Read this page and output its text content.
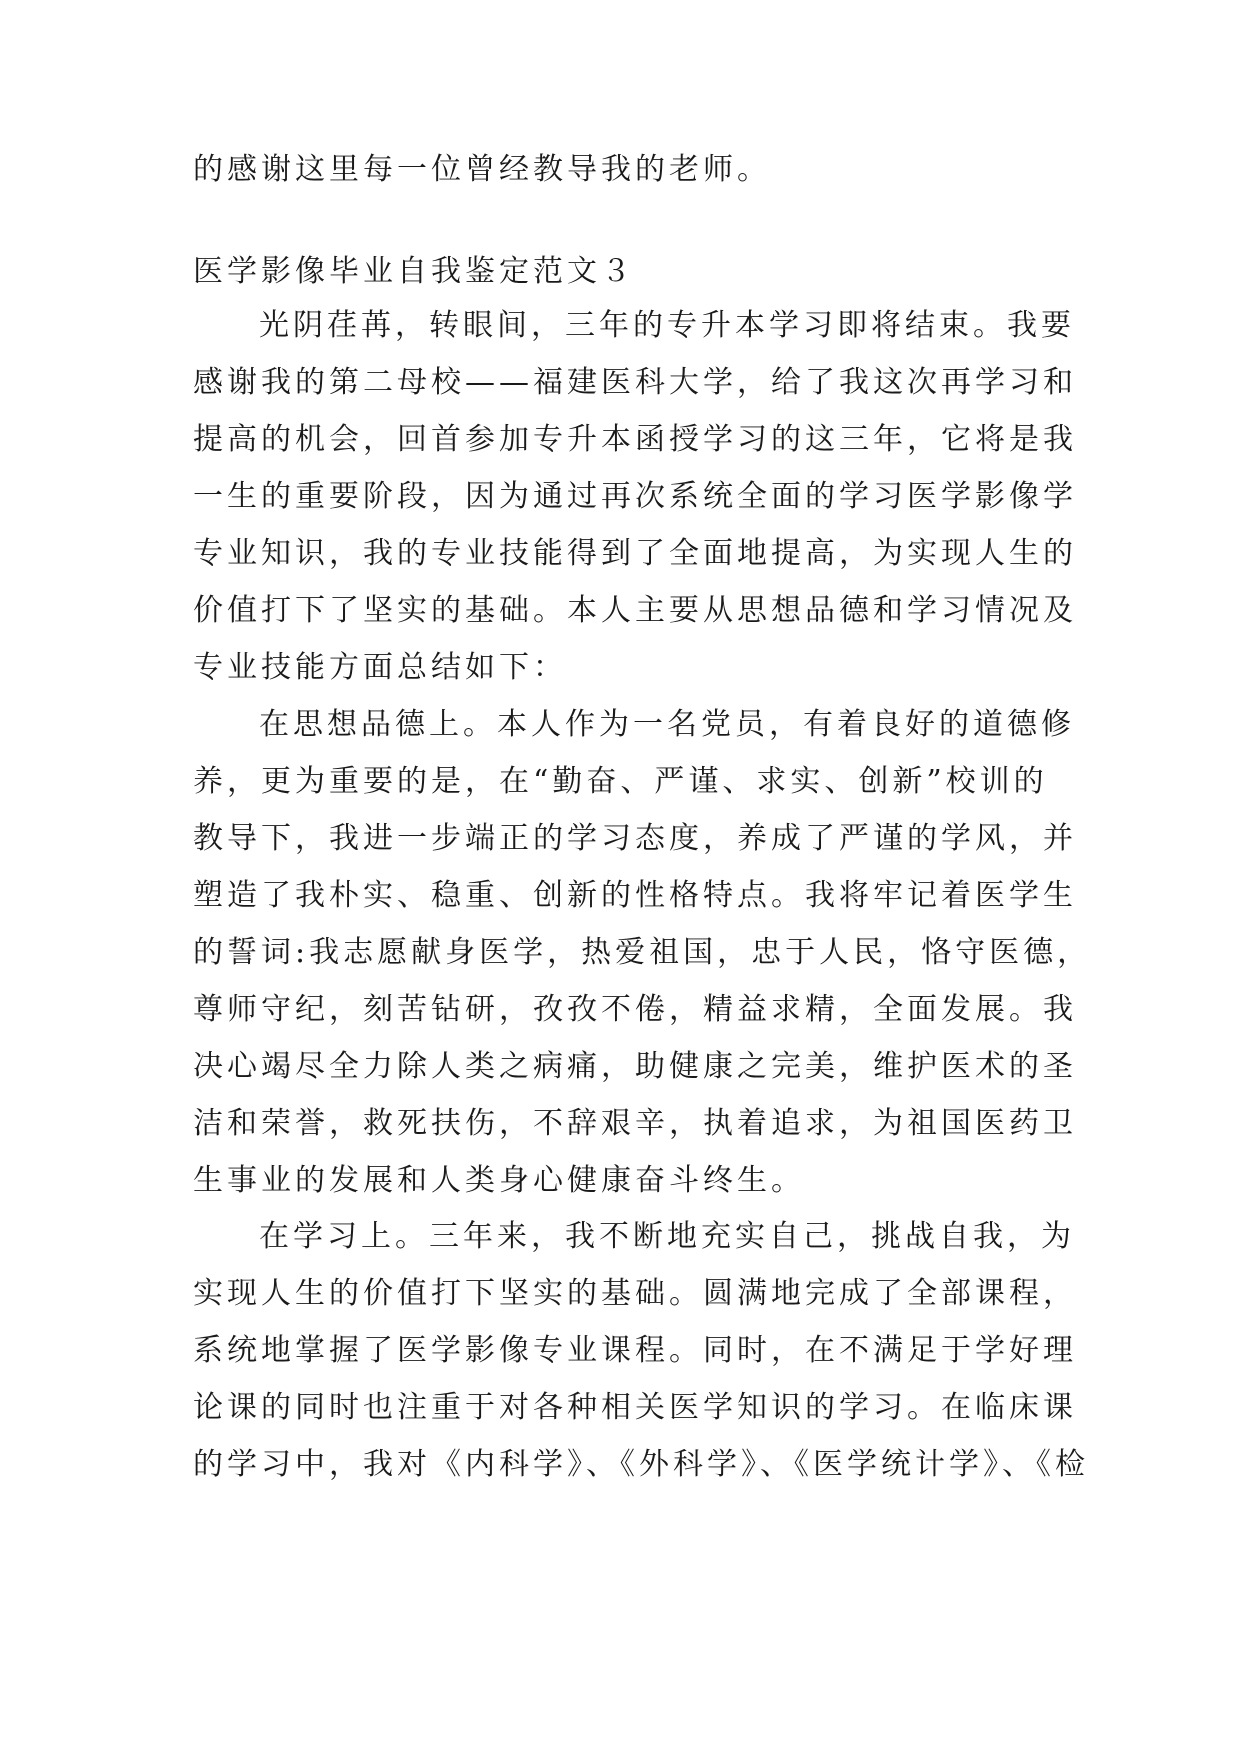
的感谢这里每一位曾经教导我的老师。
医学影像毕业自我鉴定范文３
光阴荏苒，转眼间，三年的专升本学习即将结束。我要
感谢我的第二母校——福建医科大学，给了我这次再学习和
提高的机会，回首参加专升本函授学习的这三年，它将是我
一生的重要阶段，因为通过再次系统全面的学习医学影像学
专业知识，我的专业技能得到了全面地提高，为实现人生的
价值打下了坚实的基础。本人主要从思想品德和学习情况及
专业技能方面总结如下：
在思想品德上。本人作为一名党员，有着良好的道德修
养，更为重要的是，在“勤奋、严谨、求实、创新”校训的
教导下，我进一步端正的学习态度，养成了严谨的学风，并
塑造了我朴实、稳重、创新的性格特点。我将牢记着医学生
的誓词:我志愿献身医学，热爱祖国，忠于人民，恪守医德，
尊师守纪，刻苦钻研，孜孜不倦，精益求精，全面发展。我
决心竭尽全力除人类之病痛，助健康之完美，维护医术的圣
洁和荣誉，救死扶伤，不辞艰辛，执着追求，为祖国医药卫
生事业的发展和人类身心健康奋斗终生。
在学习上。三年来，我不断地充实自己，挑战自我，为
实现人生的价值打下坚实的基础。圆满地完成了全部课程，
系统地掌握了医学影像专业课程。同时，在不满足于学好理
论课的同时也注重于对各种相关医学知识的学习。在临床课
的学习中，我对《内科学》、《外科学》、《医学统计学》、《检
